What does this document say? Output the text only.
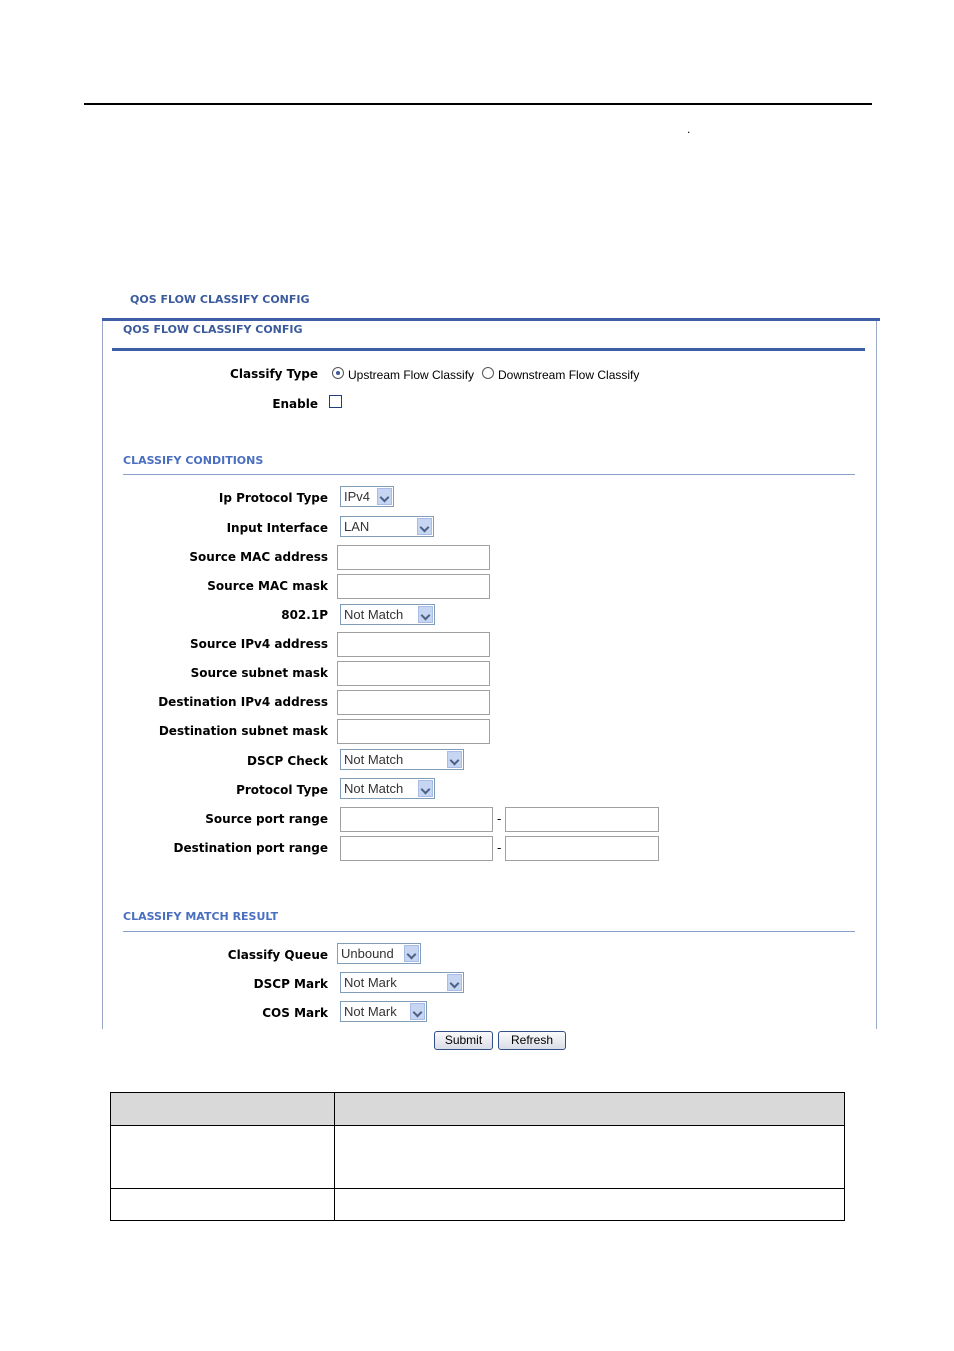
.
QOS FLOW CLASSIFY CONFIG
QOS FLOW CLASSIFY CONFIG
Classify Type	Upstream Flow Classify Downstream Flow Classify
Enable
CLASSIFY CONDITIONS
Ip Protocol Type IPv4
Input Interface LAN
Source MAC address
Source MAC mask
802.1P Not Match
Source IPv4 address
Source subnet mask
Destination IPv4 address
Destination subnet mask
DSCP Check Not Match
Protocol Type Not Match
Source port range	-
Destination port range	-
CLASSIFY MATCH RESULT
Classify Queue Unbound
DSCP Mark Not Mark
COS Mark Not Mark
Submit	Refresh
